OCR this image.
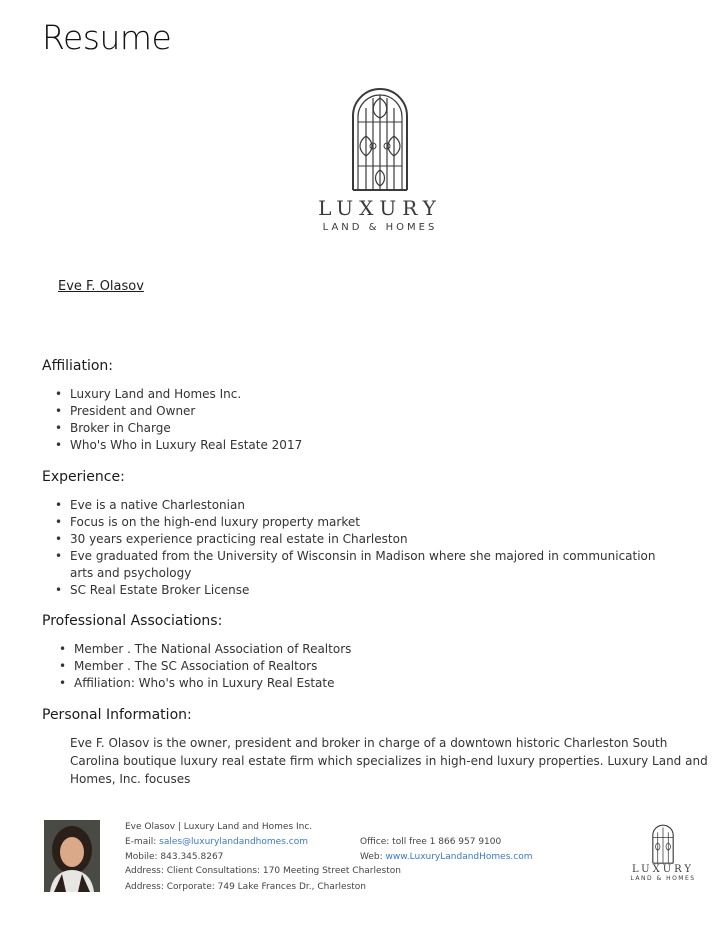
Resume
LUXURY
LAND & HOMES
Eve F. Olasov
Affiliation:
• Luxury Land and Homes Inc.
• President and Owner
• Broker in Charge
• Who's Who in Luxury Real Estate 2017
Experience:
• Eve is a native Charlestonian
• Focus is on the high-end luxury property market
• 30 years experience practicing real estate in Charleston
• Eve graduated from the University of Wisconsin in Madison where she majored in communication arts and psychology
• SC Real Estate Broker License
Professional Associations:
• Member . The National Association of Realtors
• Member . The SC Association of Realtors
• Affiliation: Who's who in Luxury Real Estate
Personal Information:
Eve F. Olasov is the owner, president and broker in charge of a downtown historic Charleston South Carolina boutique luxury real estate firm which specializes in high-end luxury properties. Luxury Land and Homes, Inc. focuses
Eve Olasov | Luxury Land and Homes Inc.
E-mail: sales@luxurylandandhomes.com	Office: toll free 1 866 957 9100
Mobile: 843.345.8267	Web: www.LuxuryLandandHomes.com
Address: Client Consultations: 170 Meeting Street Charleston
Address: Corporate: 749 Lake Frances Dr., Charleston
LUXURY
LAND & HOMES
